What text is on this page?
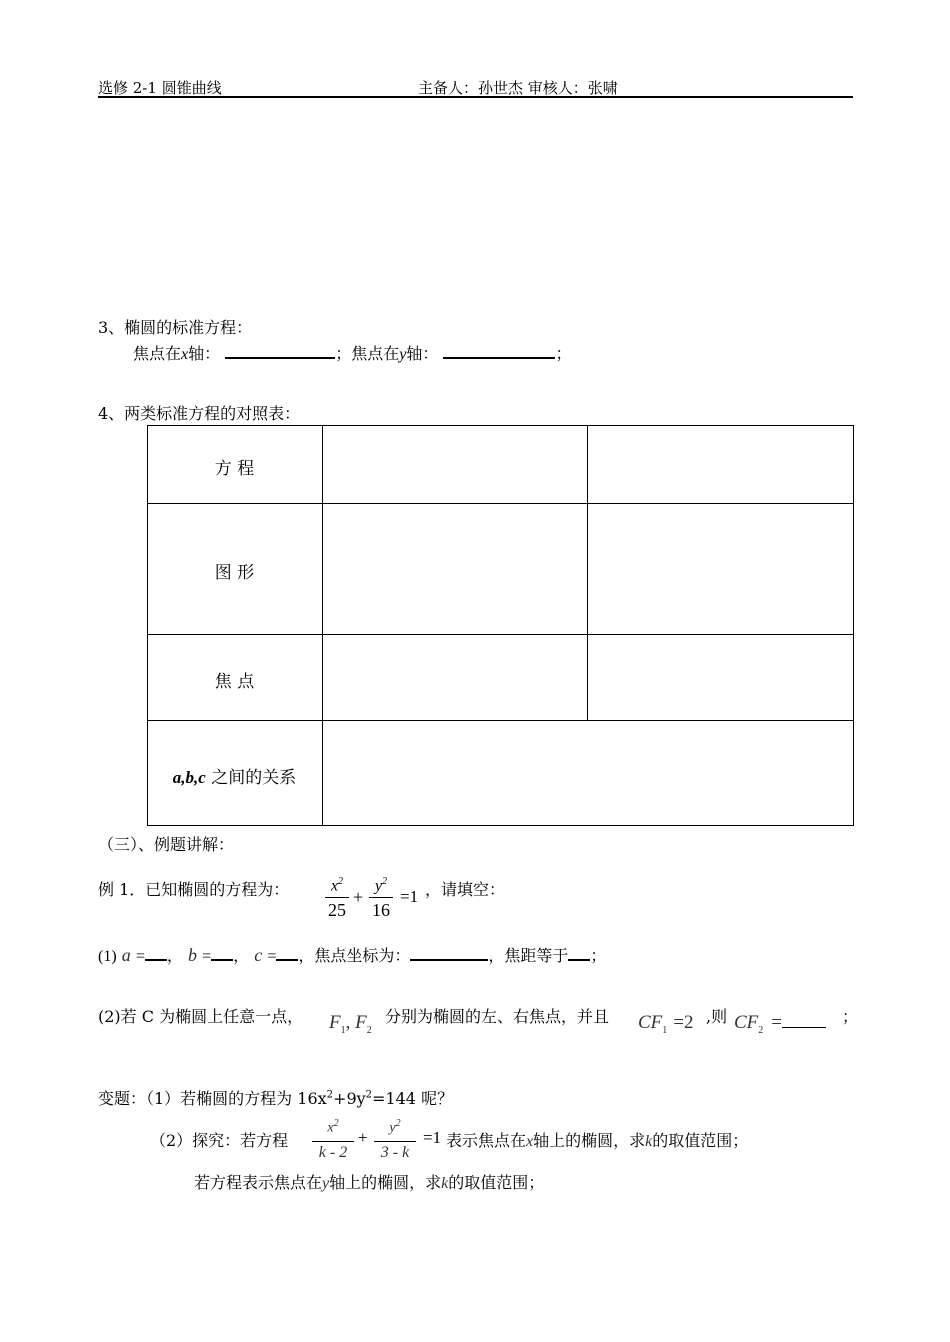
选修 2-1 圆锥曲线	主备人：孙世杰 审核人：张啸
3、椭圆的标准方程：
焦点在x轴：	；焦点在y轴：	；
4、两类标准方程的对照表：
方 程
图 形
焦 点
a,b,c 之间的关系
（三）、例题讲解：
例 1．已知椭圆的方程为：	$x^2$
25
+
$y^2$
16
=1 ，请填空：
(1) a = ， b = ， c = ，焦点坐标为：	，焦距等于 ；
(2)若 C 为椭圆上任意一点， $F_1$, $F_2$
分别为椭圆的左、右焦点，并且 $CF_1 =2$ ,则 $CF_2$ =	；
变题：（1）若椭圆的方程为 $16x^2+9y^2=144$ 呢？
（2）探究：若方程
$x^2$
k - 2
+	$y^2$
3 - k
=1 表示焦点在x轴上的椭圆，求k的取值范围；
若方程表示焦点在y轴上的椭圆，求k的取值范围；
